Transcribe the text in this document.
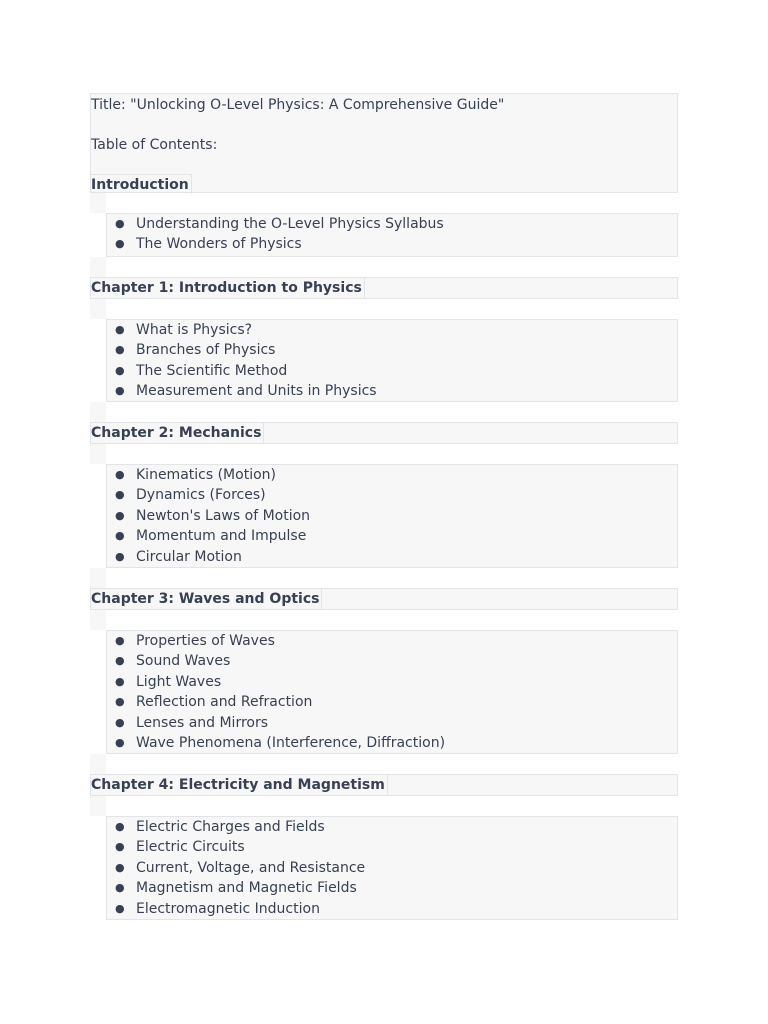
Title: "Unlocking O-Level Physics: A Comprehensive Guide"
Table of Contents:
Introduction
● Understanding the O-Level Physics Syllabus
● The Wonders of Physics
Chapter 1: Introduction to Physics
● What is Physics?
● Branches of Physics
● The Scientific Method
● Measurement and Units in Physics
Chapter 2: Mechanics
● Kinematics (Motion)
● Dynamics (Forces)
● Newton's Laws of Motion
● Momentum and Impulse
● Circular Motion
Chapter 3: Waves and Optics
● Properties of Waves
● Sound Waves
● Light Waves
● Reflection and Refraction
● Lenses and Mirrors
● Wave Phenomena (Interference, Diffraction)
Chapter 4: Electricity and Magnetism
● Electric Charges and Fields
● Electric Circuits
● Current, Voltage, and Resistance
● Magnetism and Magnetic Fields
● Electromagnetic Induction
